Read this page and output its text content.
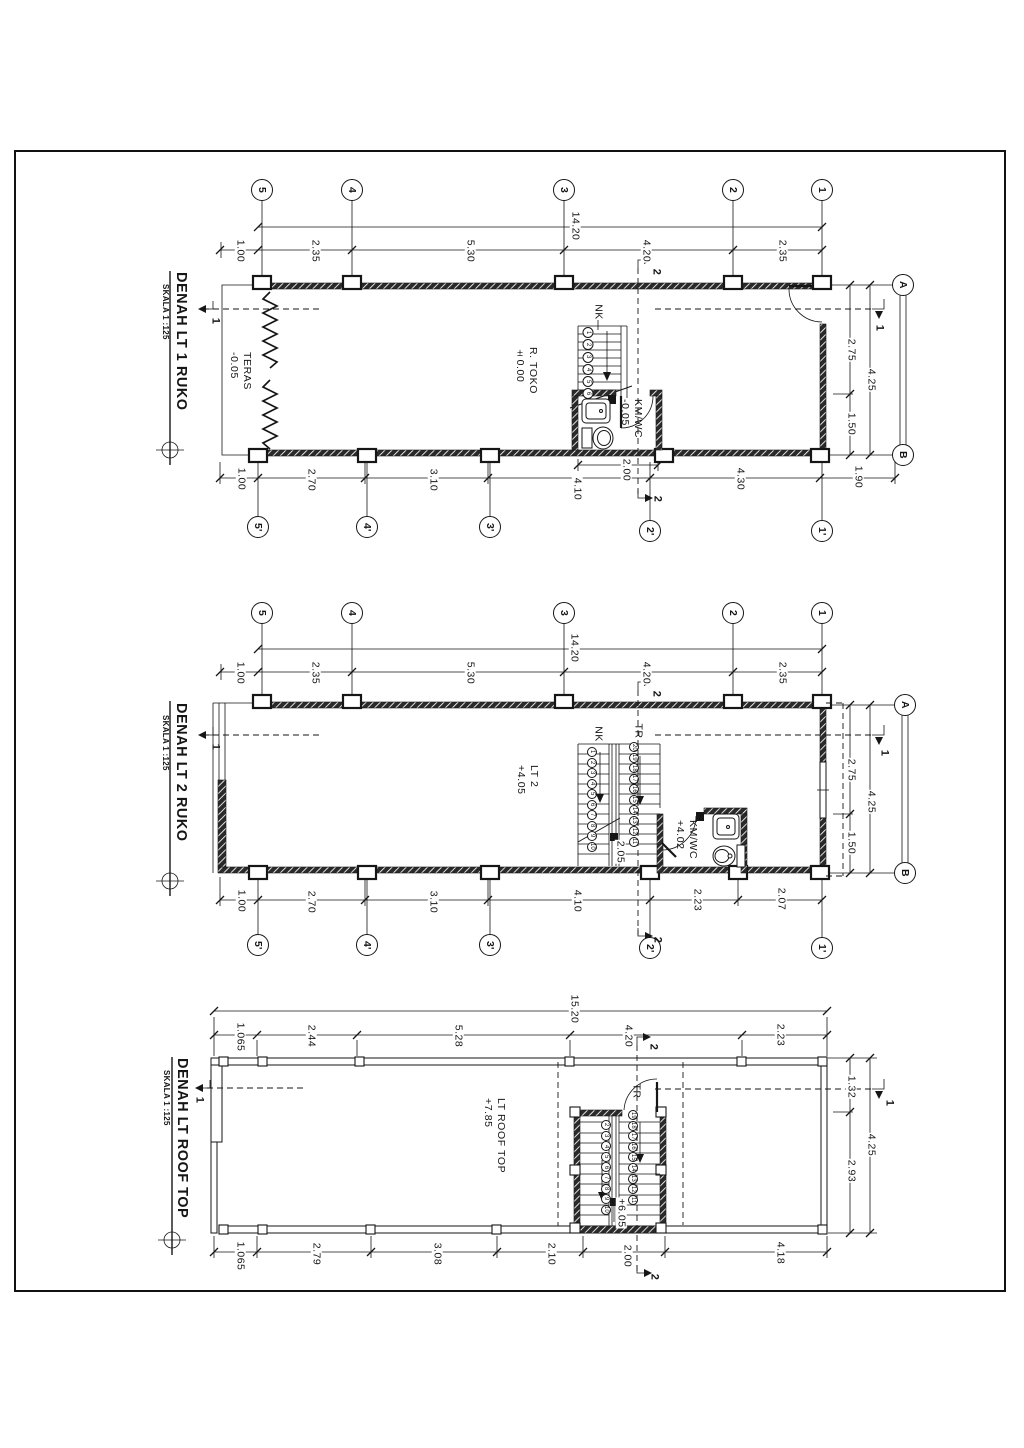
DENAH LT 1 RUKO
SKALA 1 :125
5	4	3	2	1
5'	4'	3'	2'	1'
A
B
14.20
1.00	2.35	5.30	4.20	2.35
1.00	2.70	3.10	4.10	4.30	1.90
2.00
2.75
1.50
4.25
1
1
2
2
TERAS
-0.05	R. TOKO
±0.00
KM/WC
-0.05
NK
1
2
3
4
5
6
DENAH LT 2 RUKO
SKALA 1 :125
5	4	3	2	1
5'	4'	3'	2'	1'
A
B
14.20
1.00	2.35	5.30	4.20	2.35
1.00	2.70	3.10	4.10	2.23	2.07
2.75
1.50
4.25
1
1
2
2
LT 2
+4.05
KM/WC
+4.02
NK	TR
2.05
1
2
3
4
5
6
7
8
9
10
20
19
18
17
16
15
14
13
12
11
DENAH LT ROOF TOP
SKALA 1 :125
15.20
1.065	2.44	5.28	4.20	2.23
1.065	2.79	3.08	2.10	2.00	4.18
1.32
2.93
4.25
1	1
2
2
LT ROOF TOP
+7.85
TR
+6.05
2
3
4
5
6
7
8
9
10
19
18
17
16
15
14
13
12
11
